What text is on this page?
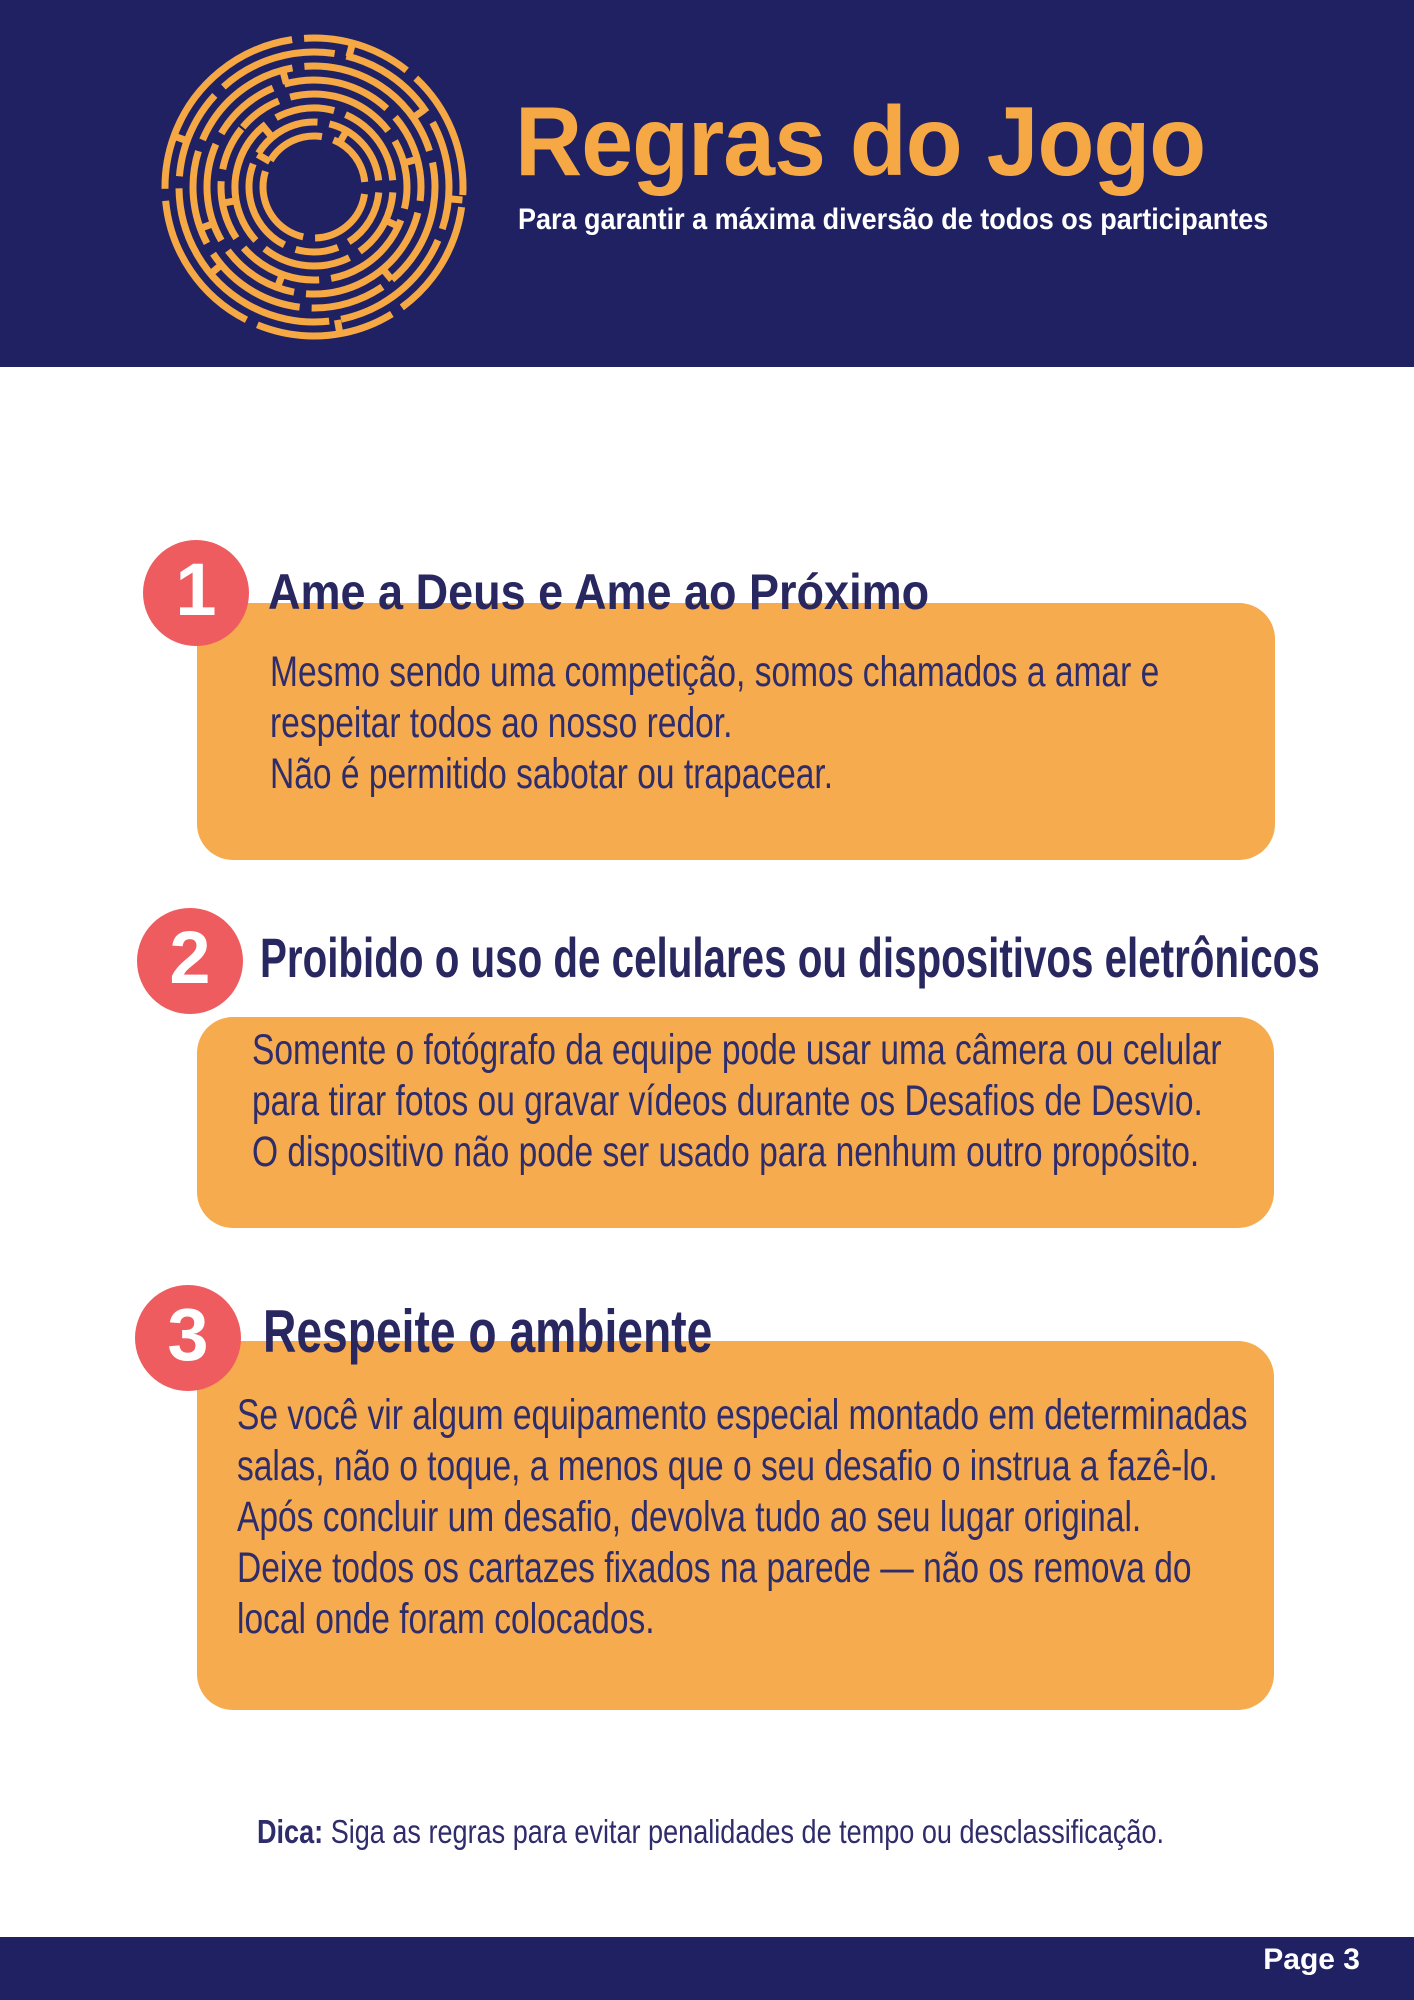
Regras do Jogo
Para garantir a máxima diversão de todos os participantes
1 Ame a Deus e Ame ao Próximo
Mesmo sendo uma competição, somos chamados a amar e
respeitar todos ao nosso redor.
Não é permitido sabotar ou trapacear.
2 Proibido o uso de celulares ou dispositivos eletrônicos
Somente o fotógrafo da equipe pode usar uma câmera ou celular
para tirar fotos ou gravar vídeos durante os Desafios de Desvio.
O dispositivo não pode ser usado para nenhum outro propósito.
3 Respeite o ambiente
Se você vir algum equipamento especial montado em determinadas
salas, não o toque, a menos que o seu desafio o instrua a fazê-lo.
Após concluir um desafio, devolva tudo ao seu lugar original.
Deixe todos os cartazes fixados na parede — não os remova do
local onde foram colocados.
Dica: Siga as regras para evitar penalidades de tempo ou desclassificação.
Page 3
